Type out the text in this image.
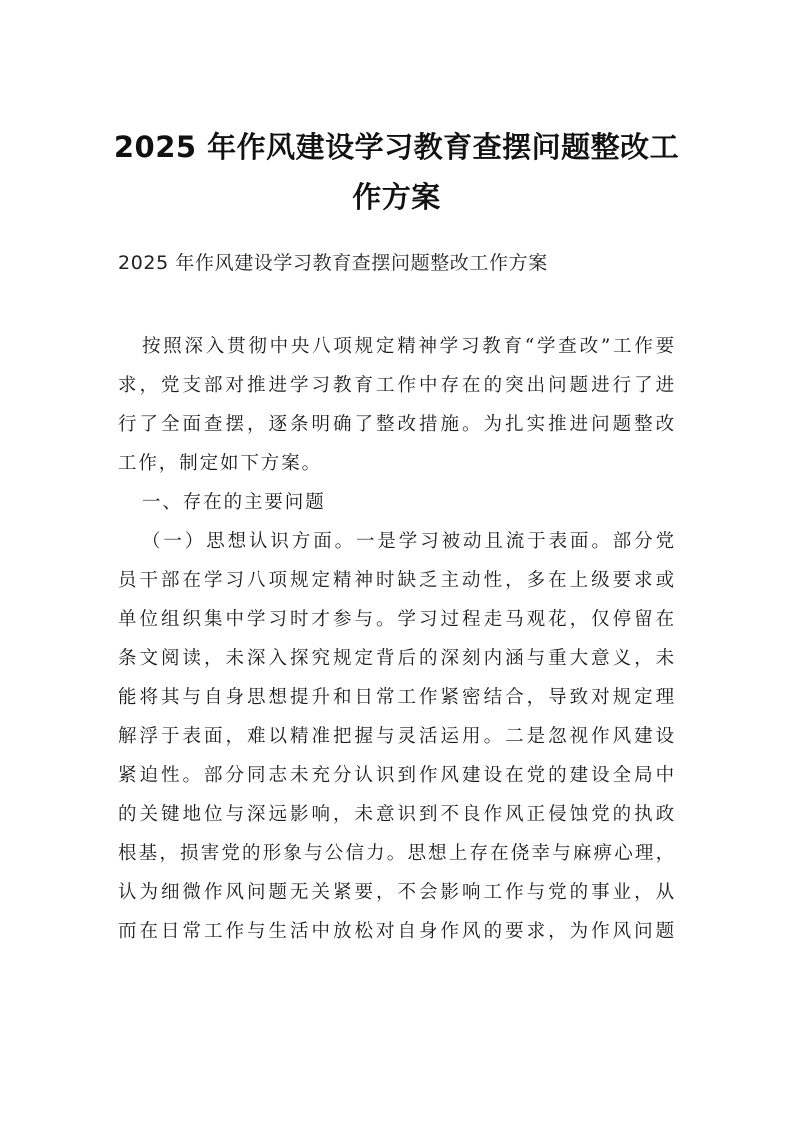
2025 年作风建设学习教育查摆问题整改工
作方案

2025 年作风建设学习教育查摆问题整改工作方案

按照深入贯彻中央八项规定精神学习教育“学查改”工作要
求，党支部对推进学习教育工作中存在的突出问题进行了进
行了全面查摆，逐条明确了整改措施。为扎实推进问题整改
工作，制定如下方案。
一、存在的主要问题
（一）思想认识方面。一是学习被动且流于表面。部分党
员干部在学习八项规定精神时缺乏主动性，多在上级要求或
单位组织集中学习时才参与。学习过程走马观花，仅停留在
条文阅读，未深入探究规定背后的深刻内涵与重大意义，未
能将其与自身思想提升和日常工作紧密结合，导致对规定理
解浮于表面，难以精准把握与灵活运用。二是忽视作风建设
紧迫性。部分同志未充分认识到作风建设在党的建设全局中
的关键地位与深远影响，未意识到不良作风正侵蚀党的执政
根基，损害党的形象与公信力。思想上存在侥幸与麻痹心理，
认为细微作风问题无关紧要，不会影响工作与党的事业，从
而在日常工作与生活中放松对自身作风的要求，为作风问题
